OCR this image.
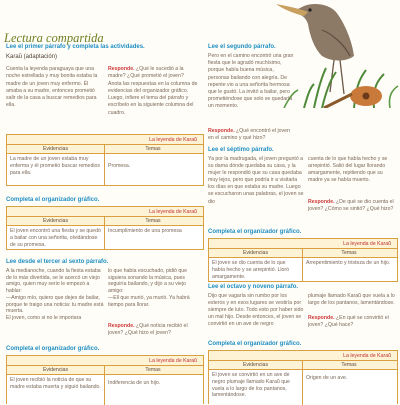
Lectura compartida
Lee el primer párrafo y completa las actividades.
Karaŭ (adaptación)
Cuenta la leyenda paraguaya que una noche estrellada y muy bonita estaba la madre de un joven muy enfermo. Él amaba a su madre, entonces prometió salir de la casa a buscar remedios para ella.
Responde. ¿Qué le sucedió a la madre? ¿Qué prometió el joven?
Anota las respuestas en la columna de evidencias del organizador gráfico. Luego, infiere el tema del párrafo y escríbelo en la siguiente columna del cuadro.
La leyenda de Karaŭ
Evidencias	Temas
La madre de un joven estaba muy enferma y él prometió buscar remedios para ella.
Promesa.
Completa el organizador gráfico.
La leyenda de Karaŭ
Evidencias	Temas
El joven encontró una fiesta y se quedó a bailar con una señorita, olvidándose de su promesa.
Incumplimiento de una promesa
Lee desde el tercer al sexto párrafo.
A la medianoche, cuando la fiesta estaba de lo más divertida, se le acercó un viejo amigo, quien muy serio le empezó a hablar:
—Amigo mío, quiero que dejes de bailar, porque te traigo una noticia: tu madre está muerta.
El joven, como si no le importara
lo que había escuchado, pidió que siguiera sonando la música, pues seguiría bailando, y dijo a su viejo amigo:
—Ell que murió, ya murió. Ya habrá tiempo para llorar.
Responde. ¿Qué noticia recibió el joven? ¿Qué hizo el joven?
Completa el organizador gráfico.
La leyenda de Karaŭ
Evidencias	Temas
El joven recibió la noticia de que su madre estaba muerta y siguió bailando.
Indiferencia de un hijo.
Lee el segundo párrafo.
Pero en el camino encontró una gran fiesta que le agradó muchísimo, porque había buena música, personas bailando con alegría. De repente vio a una señorita hermosa que le gustó. La invitó a bailar, pero prometiéndose que solo se quedaría un momento.
Responde. ¿Qué encontró el joven en el camino y qué hizo?
Lee el séptimo párrafo.
Ya por la madrugada, el joven preguntó a su dama dónde quedaba su casa, y la mujer le respondió que su casa quedaba muy lejos, pero que podría ir a visitarla los días en que estaba su madre. Luego se escucharon unas palabras, el joven se dio
cuenta de lo que había hecho y se arrepintió. Salió del lugar llorando amargamente, repitiendo que su madre ya se había muerto.
Responde. ¿De qué se dio cuenta el joven? ¿Cómo se sintió? ¿Qué hizo?
Completa el organizador gráfico.
La leyenda de Karaŭ
Evidencias	Temas
El joven se dio cuenta de lo que había hecho y se arrepintió. Lloró amargamente.
Arrepentimiento y tristeza de un hijo.
Lee el octavo y noveno párrafo.
Dijo que vagaría sin rumbo por los esteros y en esos lugares se vestiría por siempre de luto. Todo esto por haber sido un mal hijo. Desde entonces, el joven se convirtió en un ave de negro
plumaje llamado Karaŭ que vuela a lo largo de los pantanos, lamentándose.
Responde. ¿En qué se convirtió el joven? ¿Qué hace?
Completa el organizador gráfico.
La leyenda de Karaŭ
Evidencias	Temas
El joven se convirtió en un ave de negro plumaje llamado Karaŭ que vuela a lo largo de los pantanos, lamentándose.
Origen de un ave.
